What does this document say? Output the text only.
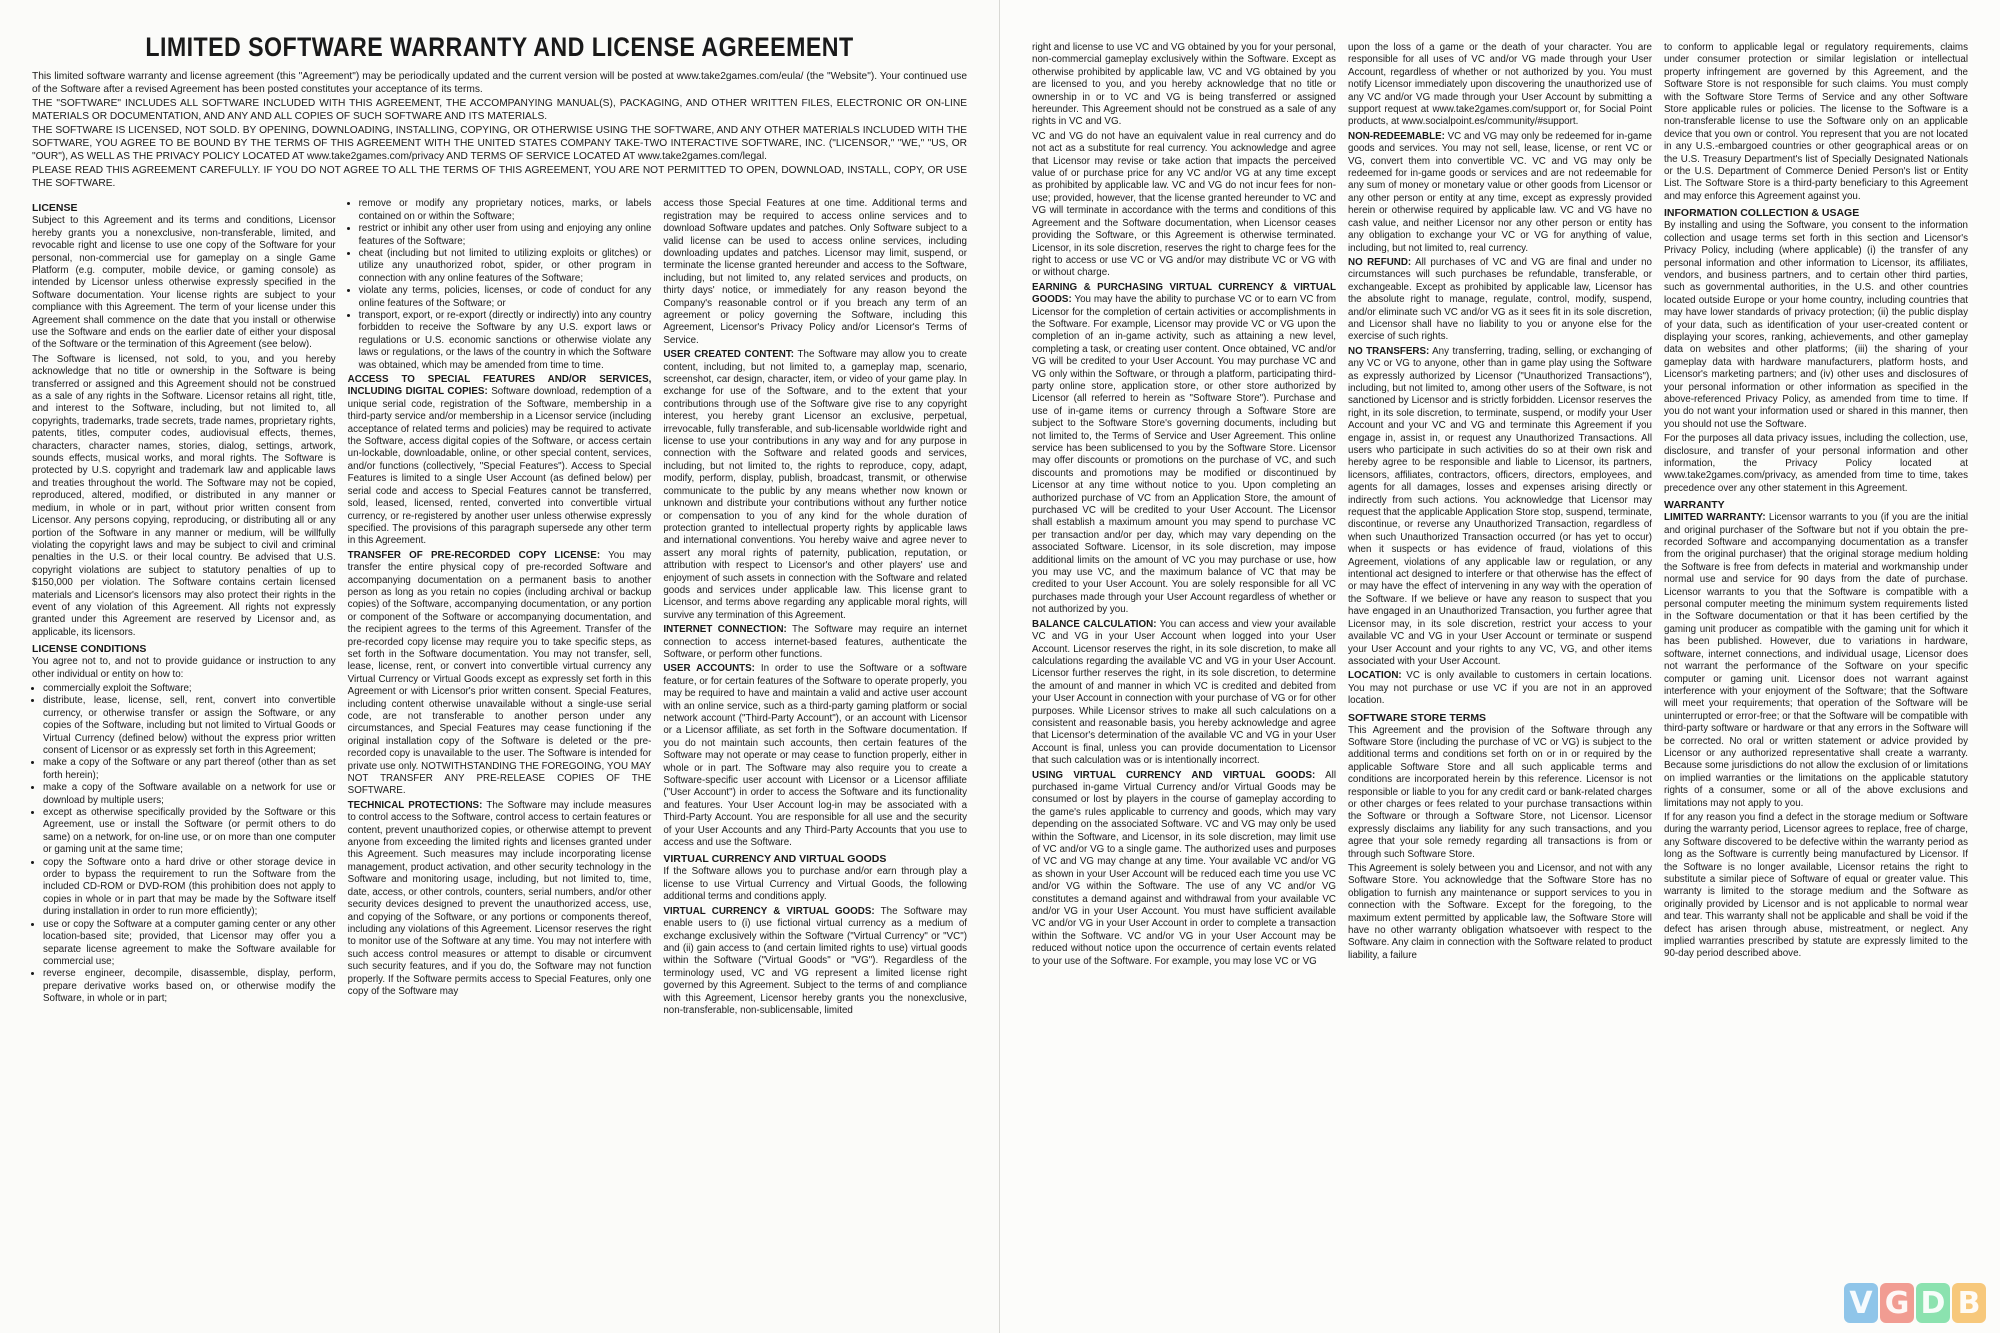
LIMITED SOFTWARE WARRANTY AND LICENSE AGREEMENT

This limited software warranty and license agreement (this "Agreement") may be periodically updated and the current version will be posted at www.take2games.com/eula/ (the "Website"). Your continued use of the Software after a revised Agreement has been posted constitutes your acceptance of its terms.

THE "SOFTWARE" INCLUDES ALL SOFTWARE INCLUDED WITH THIS AGREEMENT, THE ACCOMPANYING MANUAL(S), PACKAGING, AND OTHER WRITTEN FILES, ELECTRONIC OR ON-LINE MATERIALS OR DOCUMENTATION, AND ANY AND ALL COPIES OF SUCH SOFTWARE AND ITS MATERIALS.

THE SOFTWARE IS LICENSED, NOT SOLD. BY OPENING, DOWNLOADING, INSTALLING, COPYING, OR OTHERWISE USING THE SOFTWARE, AND ANY OTHER MATERIALS INCLUDED WITH THE SOFTWARE, YOU AGREE TO BE BOUND BY THE TERMS OF THIS AGREEMENT WITH THE UNITED STATES COMPANY TAKE-TWO INTERACTIVE SOFTWARE, INC. ("LICENSOR," "WE," "US, OR "OUR"), AS WELL AS THE PRIVACY POLICY LOCATED AT www.take2games.com/privacy AND TERMS OF SERVICE LOCATED AT www.take2games.com/legal.

PLEASE READ THIS AGREEMENT CAREFULLY. IF YOU DO NOT AGREE TO ALL THE TERMS OF THIS AGREEMENT, YOU ARE NOT PERMITTED TO OPEN, DOWNLOAD, INSTALL, COPY, OR USE THE SOFTWARE.

LICENSE

Subject to this Agreement and its terms and conditions, Licensor hereby grants you a nonexclusive, non-transferable, limited, and revocable right and license to use one copy of the Software for your personal, non-commercial use for gameplay on a single Game Platform (e.g. computer, mobile device, or gaming console) as intended by Licensor unless otherwise expressly specified in the Software documentation. Your license rights are subject to your compliance with this Agreement. The term of your license under this Agreement shall commence on the date that you install or otherwise use the Software and ends on the earlier date of either your disposal of the Software or the termination of this Agreement (see below).

The Software is licensed, not sold, to you, and you hereby acknowledge that no title or ownership in the Software is being transferred or assigned and this Agreement should not be construed as a sale of any rights in the Software. Licensor retains all right, title, and interest to the Software, including, but not limited to, all copyrights, trademarks, trade secrets, trade names, proprietary rights, patents, titles, computer codes, audiovisual effects, themes, characters, character names, stories, dialog, settings, artwork, sounds effects, musical works, and moral rights. The Software is protected by U.S. copyright and trademark law and applicable laws and treaties throughout the world. The Software may not be copied, reproduced, altered, modified, or distributed in any manner or medium, in whole or in part, without prior written consent from Licensor. Any persons copying, reproducing, or distributing all or any portion of the Software in any manner or medium, will be willfully violating the copyright laws and may be subject to civil and criminal penalties in the U.S. or their local country. Be advised that U.S. copyright violations are subject to statutory penalties of up to $150,000 per violation. The Software contains certain licensed materials and Licensor's licensors may also protect their rights in the event of any violation of this Agreement. All rights not expressly granted under this Agreement are reserved by Licensor and, as applicable, its licensors.

LICENSE CONDITIONS

You agree not to, and not to provide guidance or instruction to any other individual or entity on how to:

• commercially exploit the Software;
• distribute, lease, license, sell, rent, convert into convertible currency, or otherwise transfer or assign the Software, or any copies of the Software, including but not limited to Virtual Goods or Virtual Currency (defined below) without the express prior written consent of Licensor or as expressly set forth in this Agreement;
• make a copy of the Software or any part thereof (other than as set forth herein);
• make a copy of the Software available on a network for use or download by multiple users;
• except as otherwise specifically provided by the Software or this Agreement, use or install the Software (or permit others to do same) on a network, for on-line use, or on more than one computer or gaming unit at the same time;
• copy the Software onto a hard drive or other storage device in order to bypass the requirement to run the Software from the included CD-ROM or DVD-ROM (this prohibition does not apply to copies in whole or in part that may be made by the Software itself during installation in order to run more efficiently);
• use or copy the Software at a computer gaming center or any other location-based site; provided, that Licensor may offer you a separate license agreement to make the Software available for commercial use;
• reverse engineer, decompile, disassemble, display, perform, prepare derivative works based on, or otherwise modify the Software, in whole or in part;
• remove or modify any proprietary notices, marks, or labels contained on or within the Software;
• restrict or inhibit any other user from using and enjoying any online features of the Software;
• cheat (including but not limited to utilizing exploits or glitches) or utilize any unauthorized robot, spider, or other program in connection with any online features of the Software;
• violate any terms, policies, licenses, or code of conduct for any online features of the Software; or
• transport, export, or re-export (directly or indirectly) into any country forbidden to receive the Software by any U.S. export laws or regulations or U.S. economic sanctions or otherwise violate any laws or regulations, or the laws of the country in which the Software was obtained, which may be amended from time to time.

ACCESS TO SPECIAL FEATURES AND/OR SERVICES, INCLUDING DIGITAL COPIES: Software download, redemption of a unique serial code, registration of the Software, membership in a third-party service and/or membership in a Licensor service (including acceptance of related terms and policies) may be required to activate the Software, access digital copies of the Software, or access certain un-lockable, downloadable, online, or other special content, services, and/or functions (collectively, "Special Features"). Access to Special Features is limited to a single User Account (as defined below) per serial code and access to Special Features cannot be transferred, sold, leased, licensed, rented, converted into convertible virtual currency, or re-registered by another user unless otherwise expressly specified. The provisions of this paragraph supersede any other term in this Agreement.

TRANSFER OF PRE-RECORDED COPY LICENSE: You may transfer the entire physical copy of pre-recorded Software and accompanying documentation on a permanent basis to another person as long as you retain no copies (including archival or backup copies) of the Software, accompanying documentation, or any portion or component of the Software or accompanying documentation, and the recipient agrees to the terms of this Agreement. Transfer of the pre-recorded copy license may require you to take specific steps, as set forth in the Software documentation. You may not transfer, sell, lease, license, rent, or convert into convertible virtual currency any Virtual Currency or Virtual Goods except as expressly set forth in this Agreement or with Licensor's prior written consent. Special Features, including content otherwise unavailable without a single-use serial code, are not transferable to another person under any circumstances, and Special Features may cease functioning if the original installation copy of the Software is deleted or the pre-recorded copy is unavailable to the user. The Software is intended for private use only. NOTWITHSTANDING THE FOREGOING, YOU MAY NOT TRANSFER ANY PRE-RELEASE COPIES OF THE SOFTWARE.

TECHNICAL PROTECTIONS: The Software may include measures to control access to the Software, control access to certain features or content, prevent unauthorized copies, or otherwise attempt to prevent anyone from exceeding the limited rights and licenses granted under this Agreement. Such measures may include incorporating license management, product activation, and other security technology in the Software and monitoring usage, including, but not limited to, time, date, access, or other controls, counters, serial numbers, and/or other security devices designed to prevent the unauthorized access, use, and copying of the Software, or any portions or components thereof, including any violations of this Agreement. Licensor reserves the right to monitor use of the Software at any time. You may not interfere with such access control measures or attempt to disable or circumvent such security features, and if you do, the Software may not function properly. If the Software permits access to Special Features, only one copy of the Software may

access those Special Features at one time. Additional terms and registration may be required to access online services and to download Software updates and patches. Only Software subject to a valid license can be used to access online services, including downloading updates and patches. Licensor may limit, suspend, or terminate the license granted hereunder and access to the Software, including, but not limited to, any related services and products, on thirty days' notice, or immediately for any reason beyond the Company's reasonable control or if you breach any term of an agreement or policy governing the Software, including this Agreement, Licensor's Privacy Policy and/or Licensor's Terms of Service.

USER CREATED CONTENT: The Software may allow you to create content, including, but not limited to, a gameplay map, scenario, screenshot, car design, character, item, or video of your game play. In exchange for use of the Software, and to the extent that your contributions through use of the Software give rise to any copyright interest, you hereby grant Licensor an exclusive, perpetual, irrevocable, fully transferable, and sub-licensable worldwide right and license to use your contributions in any way and for any purpose in connection with the Software and related goods and services, including, but not limited to, the rights to reproduce, copy, adapt, modify, perform, display, publish, broadcast, transmit, or otherwise communicate to the public by any means whether now known or unknown and distribute your contributions without any further notice or compensation to you of any kind for the whole duration of protection granted to intellectual property rights by applicable laws and international conventions. You hereby waive and agree never to assert any moral rights of paternity, publication, reputation, or attribution with respect to Licensor's and other players' use and enjoyment of such assets in connection with the Software and related goods and services under applicable law. This license grant to Licensor, and terms above regarding any applicable moral rights, will survive any termination of this Agreement.

INTERNET CONNECTION: The Software may require an internet connection to access internet-based features, authenticate the Software, or perform other functions.

USER ACCOUNTS: In order to use the Software or a software feature, or for certain features of the Software to operate properly, you may be required to have and maintain a valid and active user account with an online service, such as a third-party gaming platform or social network account ("Third-Party Account"), or an account with Licensor or a Licensor affiliate, as set forth in the Software documentation. If you do not maintain such accounts, then certain features of the Software may not operate or may cease to function properly, either in whole or in part. The Software may also require you to create a Software-specific user account with Licensor or a Licensor affiliate ("User Account") in order to access the Software and its functionality and features. Your User Account log-in may be associated with a Third-Party Account. You are responsible for all use and the security of your User Accounts and any Third-Party Accounts that you use to access and use the Software.

VIRTUAL CURRENCY AND VIRTUAL GOODS

If the Software allows you to purchase and/or earn through play a license to use Virtual Currency and Virtual Goods, the following additional terms and conditions apply.

VIRTUAL CURRENCY & VIRTUAL GOODS: The Software may enable users to (i) use fictional virtual currency as a medium of exchange exclusively within the Software ("Virtual Currency" or "VC") and (ii) gain access to (and certain limited rights to use) virtual goods within the Software ("Virtual Goods" or "VG"). Regardless of the terminology used, VC and VG represent a limited license right governed by this Agreement. Subject to the terms of and compliance with this Agreement, Licensor hereby grants you the nonexclusive, non-transferable, non-sublicensable, limited

right and license to use VC and VG obtained by you for your personal, non-commercial gameplay exclusively within the Software. Except as otherwise prohibited by applicable law, VC and VG obtained by you are licensed to you, and you hereby acknowledge that no title or ownership in or to VC and VG is being transferred or assigned hereunder. This Agreement should not be construed as a sale of any rights in VC and VG.

VC and VG do not have an equivalent value in real currency and do not act as a substitute for real currency. You acknowledge and agree that Licensor may revise or take action that impacts the perceived value of or purchase price for any VC and/or VG at any time except as prohibited by applicable law. VC and VG do not incur fees for non-use; provided, however, that the license granted hereunder to VC and VG will terminate in accordance with the terms and conditions of this Agreement and the Software documentation, when Licensor ceases providing the Software, or this Agreement is otherwise terminated. Licensor, in its sole discretion, reserves the right to charge fees for the right to access or use VC or VG and/or may distribute VC or VG with or without charge.

EARNING & PURCHASING VIRTUAL CURRENCY & VIRTUAL GOODS: You may have the ability to purchase VC or to earn VC from Licensor for the completion of certain activities or accomplishments in the Software. For example, Licensor may provide VC or VG upon the completion of an in-game activity, such as attaining a new level, completing a task, or creating user content. Once obtained, VC and/or VG will be credited to your User Account. You may purchase VC and VG only within the Software, or through a platform, participating third-party online store, application store, or other store authorized by Licensor (all referred to herein as "Software Store"). Purchase and use of in-game items or currency through a Software Store are subject to the Software Store's governing documents, including but not limited to, the Terms of Service and User Agreement. This online service has been sublicensed to you by the Software Store. Licensor may offer discounts or promotions on the purchase of VC, and such discounts and promotions may be modified or discontinued by Licensor at any time without notice to you. Upon completing an authorized purchase of VC from an Application Store, the amount of purchased VC will be credited to your User Account. The Licensor shall establish a maximum amount you may spend to purchase VC per transaction and/or per day, which may vary depending on the associated Software. Licensor, in its sole discretion, may impose additional limits on the amount of VC you may purchase or use, how you may use VC, and the maximum balance of VC that may be credited to your User Account. You are solely responsible for all VC purchases made through your User Account regardless of whether or not authorized by you.

BALANCE CALCULATION: You can access and view your available VC and VG in your User Account when logged into your User Account. Licensor reserves the right, in its sole discretion, to make all calculations regarding the available VC and VG in your User Account. Licensor further reserves the right, in its sole discretion, to determine the amount of and manner in which VC is credited and debited from your User Account in connection with your purchase of VG or for other purposes. While Licensor strives to make all such calculations on a consistent and reasonable basis, you hereby acknowledge and agree that Licensor's determination of the available VC and VG in your User Account is final, unless you can provide documentation to Licensor that such calculation was or is intentionally incorrect.

USING VIRTUAL CURRENCY AND VIRTUAL GOODS: All purchased in-game Virtual Currency and/or Virtual Goods may be consumed or lost by players in the course of gameplay according to the game's rules applicable to currency and goods, which may vary depending on the associated Software. VC and VG may only be used within the Software, and Licensor, in its sole discretion, may limit use of VC and/or VG to a single game. The authorized uses and purposes of VC and VG may change at any time. Your available VC and/or VG as shown in your User Account will be reduced each time you use VC and/or VG within the Software. The use of any VC and/or VG constitutes a demand against and withdrawal from your available VC and/or VG in your User Account. You must have sufficient available VC and/or VG in your User Account in order to complete a transaction within the Software. VC and/or VG in your User Account may be reduced without notice upon the occurrence of certain events related to your use of the Software. For example, you may lose VC or VG

upon the loss of a game or the death of your character. You are responsible for all uses of VC and/or VG made through your User Account, regardless of whether or not authorized by you. You must notify Licensor immediately upon discovering the unauthorized use of any VC and/or VG made through your User Account by submitting a support request at www.take2games.com/support or, for Social Point products, at www.socialpoint.es/community/#support.

NON-REDEEMABLE: VC and VG may only be redeemed for in-game goods and services. You may not sell, lease, license, or rent VC or VG, convert them into convertible VC. VC and VG may only be redeemed for in-game goods or services and are not redeemable for any sum of money or monetary value or other goods from Licensor or any other person or entity at any time, except as expressly provided herein or otherwise required by applicable law. VC and VG have no cash value, and neither Licensor nor any other person or entity has any obligation to exchange your VC or VG for anything of value, including, but not limited to, real currency.

NO REFUND: All purchases of VC and VG are final and under no circumstances will such purchases be refundable, transferable, or exchangeable. Except as prohibited by applicable law, Licensor has the absolute right to manage, regulate, control, modify, suspend, and/or eliminate such VC and/or VG as it sees fit in its sole discretion, and Licensor shall have no liability to you or anyone else for the exercise of such rights.

NO TRANSFERS: Any transferring, trading, selling, or exchanging of any VC or VG to anyone, other than in game play using the Software as expressly authorized by Licensor ("Unauthorized Transactions"), including, but not limited to, among other users of the Software, is not sanctioned by Licensor and is strictly forbidden. Licensor reserves the right, in its sole discretion, to terminate, suspend, or modify your User Account and your VC and VG and terminate this Agreement if you engage in, assist in, or request any Unauthorized Transactions. All users who participate in such activities do so at their own risk and hereby agree to be responsible and liable to Licensor, its partners, licensors, affiliates, contractors, officers, directors, employees, and agents for all damages, losses and expenses arising directly or indirectly from such actions. You acknowledge that Licensor may request that the applicable Application Store stop, suspend, terminate, discontinue, or reverse any Unauthorized Transaction, regardless of when such Unauthorized Transaction occurred (or has yet to occur) when it suspects or has evidence of fraud, violations of this Agreement, violations of any applicable law or regulation, or any intentional act designed to interfere or that otherwise has the effect of or may have the effect of intervening in any way with the operation of the Software. If we believe or have any reason to suspect that you have engaged in an Unauthorized Transaction, you further agree that Licensor may, in its sole discretion, restrict your access to your available VC and VG in your User Account or terminate or suspend your User Account and your rights to any VC, VG, and other items associated with your User Account.

LOCATION: VC is only available to customers in certain locations. You may not purchase or use VC if you are not in an approved location.

SOFTWARE STORE TERMS

This Agreement and the provision of the Software through any Software Store (including the purchase of VC or VG) is subject to the additional terms and conditions set forth on or in or required by the applicable Software Store and all such applicable terms and conditions are incorporated herein by this reference. Licensor is not responsible or liable to you for any credit card or bank-related charges or other charges or fees related to your purchase transactions within the Software or through a Software Store, not Licensor. Licensor expressly disclaims any liability for any such transactions, and you agree that your sole remedy regarding all transactions is from or through such Software Store.

This Agreement is solely between you and Licensor, and not with any Software Store. You acknowledge that the Software Store has no obligation to furnish any maintenance or support services to you in connection with the Software. Except for the foregoing, to the maximum extent permitted by applicable law, the Software Store will have no other warranty obligation whatsoever with respect to the Software. Any claim in connection with the Software related to product liability, a failure

to conform to applicable legal or regulatory requirements, claims under consumer protection or similar legislation or intellectual property infringement are governed by this Agreement, and the Software Store is not responsible for such claims. You must comply with the Software Store Terms of Service and any other Software Store applicable rules or policies. The license to the Software is a non-transferable license to use the Software only on an applicable device that you own or control. You represent that you are not located in any U.S.-embargoed countries or other geographical areas or on the U.S. Treasury Department's list of Specially Designated Nationals or the U.S. Department of Commerce Denied Person's list or Entity List. The Software Store is a third-party beneficiary to this Agreement and may enforce this Agreement against you.

INFORMATION COLLECTION & USAGE

By installing and using the Software, you consent to the information collection and usage terms set forth in this section and Licensor's Privacy Policy, including (where applicable) (i) the transfer of any personal information and other information to Licensor, its affiliates, vendors, and business partners, and to certain other third parties, such as governmental authorities, in the U.S. and other countries located outside Europe or your home country, including countries that may have lower standards of privacy protection; (ii) the public display of your data, such as identification of your user-created content or displaying your scores, ranking, achievements, and other gameplay data on websites and other platforms; (iii) the sharing of your gameplay data with hardware manufacturers, platform hosts, and Licensor's marketing partners; and (iv) other uses and disclosures of your personal information or other information as specified in the above-referenced Privacy Policy, as amended from time to time. If you do not want your information used or shared in this manner, then you should not use the Software.

For the purposes all data privacy issues, including the collection, use, disclosure, and transfer of your personal information and other information, the Privacy Policy located at www.take2games.com/privacy, as amended from time to time, takes precedence over any other statement in this Agreement.

WARRANTY

LIMITED WARRANTY: Licensor warrants to you (if you are the initial and original purchaser of the Software but not if you obtain the pre-recorded Software and accompanying documentation as a transfer from the original purchaser) that the original storage medium holding the Software is free from defects in material and workmanship under normal use and service for 90 days from the date of purchase. Licensor warrants to you that the Software is compatible with a personal computer meeting the minimum system requirements listed in the Software documentation or that it has been certified by the gaming unit producer as compatible with the gaming unit for which it has been published. However, due to variations in hardware, software, internet connections, and individual usage, Licensor does not warrant the performance of the Software on your specific computer or gaming unit. Licensor does not warrant against interference with your enjoyment of the Software; that the Software will meet your requirements; that operation of the Software will be uninterrupted or error-free; or that the Software will be compatible with third-party software or hardware or that any errors in the Software will be corrected. No oral or written statement or advice provided by Licensor or any authorized representative shall create a warranty. Because some jurisdictions do not allow the exclusion of or limitations on implied warranties or the limitations on the applicable statutory rights of a consumer, some or all of the above exclusions and limitations may not apply to you.

If for any reason you find a defect in the storage medium or Software during the warranty period, Licensor agrees to replace, free of charge, any Software discovered to be defective within the warranty period as long as the Software is currently being manufactured by Licensor. If the Software is no longer available, Licensor retains the right to substitute a similar piece of Software of equal or greater value. This warranty is limited to the storage medium and the Software as originally provided by Licensor and is not applicable to normal wear and tear. This warranty shall not be applicable and shall be void if the defect has arisen through abuse, mistreatment, or neglect. Any implied warranties prescribed by statute are expressly limited to the 90-day period described above.

V G D B
